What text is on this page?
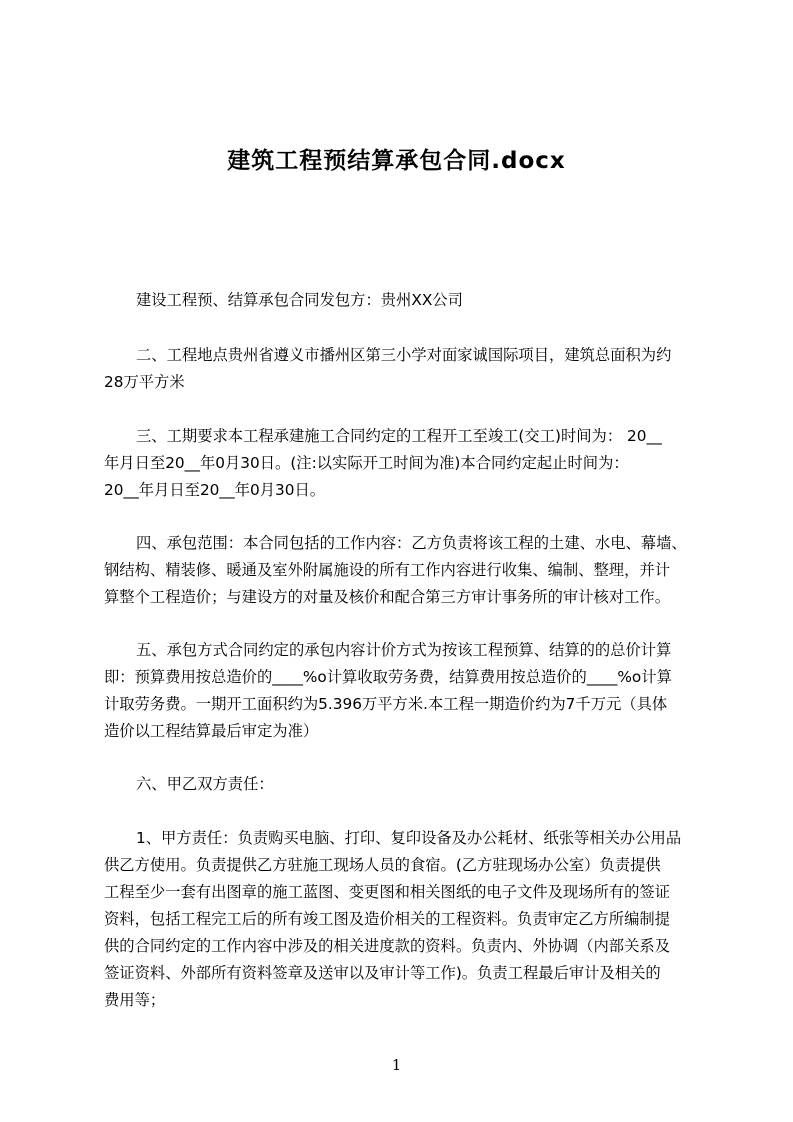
建筑工程预结算承包合同.docx

建设工程预、结算承包合同发包方：贵州XX公司

二、工程地点贵州省遵义市播州区第三小学对面家诚国际项目，建筑总面积为约

28万平方米

三、工期要求本工程承建施工合同约定的工程开工至竣工(交工)时间为： 20__

年月日至20__年0月30日。(注:以实际开工时间为准)本合同约定起止时间为：

20__年月日至20__年0月30日。

四、承包范围：本合同包括的工作内容：乙方负责将该工程的土建、水电、幕墙、

钢结构、精装修、暖通及室外附属施设的所有工作内容进行收集、编制、整理，并计

算整个工程造价；与建设方的对量及核价和配合第三方审计事务所的审计核对工作。

五、承包方式合同约定的承包内容计价方式为按该工程预算、结算的的总价计算

即：预算费用按总造价的____%o计算收取劳务费，结算费用按总造价的____%o计算

计取劳务费。一期开工面积约为5.396万平方米.本工程一期造价约为7千万元（具体

造价以工程结算最后审定为准）

六、甲乙双方责任：

1、甲方责任：负责购买电脑、打印、复印设备及办公耗材、纸张等相关办公用品

供乙方使用。负责提供乙方驻施工现场人员的食宿。(乙方驻现场办公室）负责提供

工程至少一套有出图章的施工蓝图、变更图和相关图纸的电子文件及现场所有的签证

资料，包括工程完工后的所有竣工图及造价相关的工程资料。负责审定乙方所编制提

供的合同约定的工作内容中涉及的相关进度款的资料。负责内、外协调（内部关系及

签证资料、外部所有资料签章及送审以及审计等工作)。负责工程最后审计及相关的

费用等；

1
